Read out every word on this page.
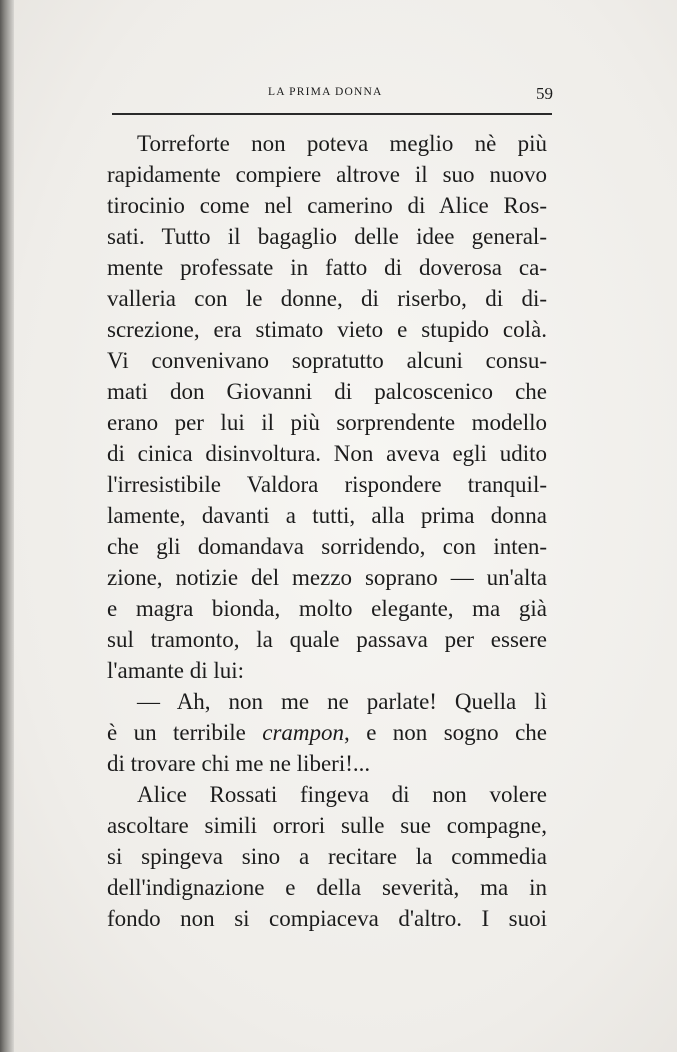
LA PRIMA DONNA	59
Torreforte non poteva meglio nè più
rapidamente compiere altrove il suo nuovo
tirocinio come nel camerino di Alice Ros-
sati. Tutto il bagaglio delle idee general-
mente professate in fatto di doverosa ca-
valleria con le donne, di riserbo, di di-
screzione, era stimato vieto e stupido colà.
Vi convenivano sopratutto alcuni consu-
mati don Giovanni di palcoscenico che
erano per lui il più sorprendente modello
di cinica disinvoltura. Non aveva egli udito
l'irresistibile Valdora rispondere tranquil-
lamente, davanti a tutti, alla prima donna
che gli domandava sorridendo, con inten-
zione, notizie del mezzo soprano — un'alta
e magra bionda, molto elegante, ma già
sul tramonto, la quale passava per essere
l'amante di lui:
— Ah, non me ne parlate! Quella lì
è un terribile crampon, e non sogno che
di trovare chi me ne liberi!...
Alice Rossati fingeva di non volere
ascoltare simili orrori sulle sue compagne,
si spingeva sino a recitare la commedia
dell'indignazione e della severità, ma in
fondo non si compiaceva d'altro. I suoi
